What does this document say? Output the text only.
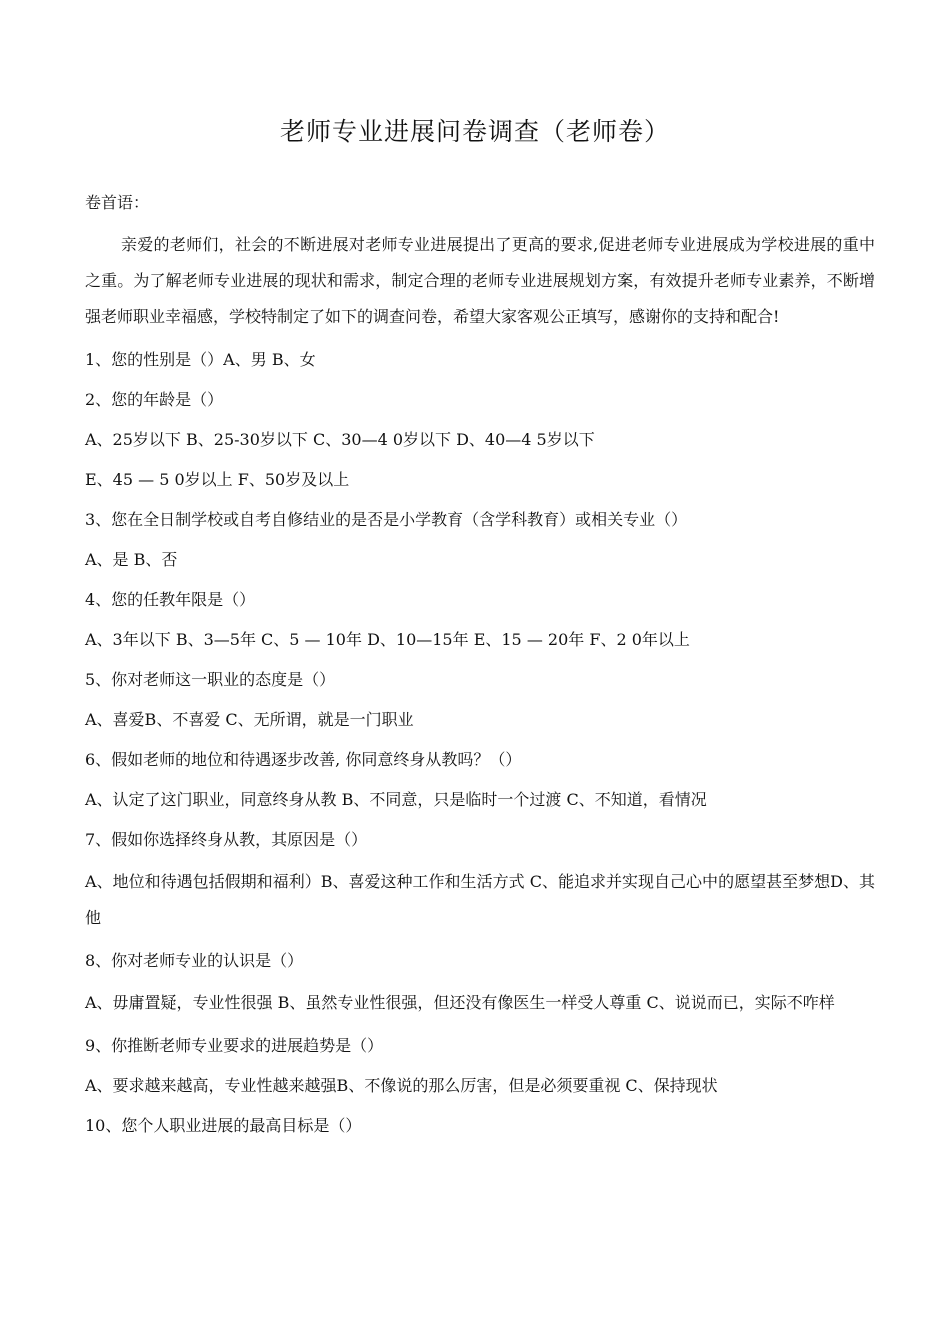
老师专业进展问卷调查（老师卷）
卷首语：
亲爱的老师们，社会的不断进展对老师专业进展提出了更高的要求,促进老师专业进展成为学校进展的重中之重。为了解老师专业进展的现状和需求，制定合理的老师专业进展规划方案，有效提升老师专业素养，不断增强老师职业幸福感，学校特制定了如下的调查问卷，希望大家客观公正填写，感谢你的支持和配合!
1、您的性别是（）A、男 B、女
2、您的年龄是（）
A、25岁以下 B、25-30岁以下 C、30—4 0岁以下 D、40—4 5岁以下
E、45 — 5 0岁以上 F、50岁及以上
3、您在全日制学校或自考自修结业的是否是小学教育（含学科教育）或相关专业（）
A、是 B、否
4、您的任教年限是（）
A、3年以下 B、3—5年 C、5 — 10年 D、10—15年 E、15 — 20年 F、2 0年以上
5、你对老师这一职业的态度是（）
A、喜爱B、不喜爱 C、无所谓，就是一门职业
6、假如老师的地位和待遇逐步改善, 你同意终身从教吗？（）
A、认定了这门职业，同意终身从教 B、不同意，只是临时一个过渡 C、不知道，看情况
7、假如你选择终身从教，其原因是（）
A、地位和待遇包括假期和福利）B、喜爱这种工作和生活方式 C、能追求并实现自己心中的愿望甚至梦想D、其他
8、你对老师专业的认识是（）
A、毋庸置疑，专业性很强 B、虽然专业性很强，但还没有像医生一样受人尊重 C、说说而已，实际不咋样
9、你推断老师专业要求的进展趋势是（）
A、要求越来越高，专业性越来越强B、不像说的那么厉害，但是必须要重视 C、保持现状
10、您个人职业进展的最高目标是（）
